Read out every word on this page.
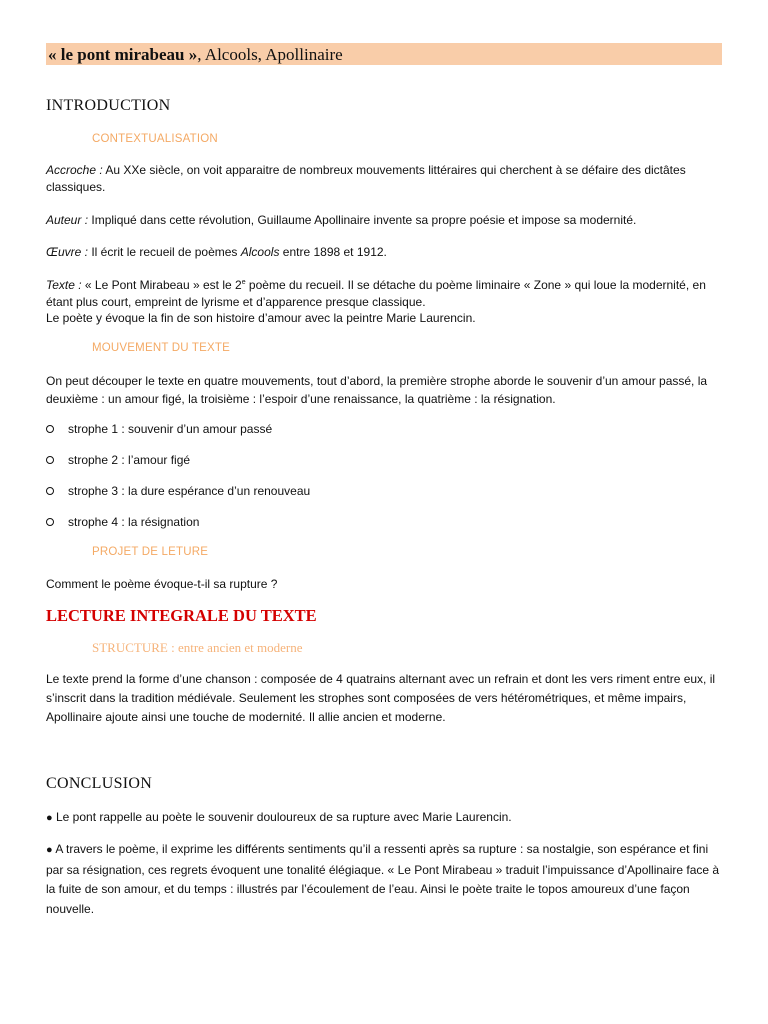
« le pont mirabeau », Alcools, Apollinaire
INTRODUCTION
CONTEXTUALISATION
Accroche : Au XXe siècle, on voit apparaitre de nombreux mouvements littéraires qui cherchent à se défaire des dictâtes classiques.
Auteur : Impliqué dans cette révolution, Guillaume Apollinaire invente sa propre poésie et impose sa modernité.
Œuvre : Il écrit le recueil de poèmes Alcools entre 1898 et 1912.
Texte : « Le Pont Mirabeau » est le 2e poème du recueil. Il se détache du poème liminaire « Zone » qui loue la modernité, en étant plus court, empreint de lyrisme et d’apparence presque classique.
Le poète y évoque la fin de son histoire d’amour avec la peintre Marie Laurencin.
MOUVEMENT DU TEXTE
On peut découper le texte en quatre mouvements, tout d’abord, la première strophe aborde le souvenir d’un amour passé, la deuxième : un amour figé, la troisième : l’espoir d’une renaissance, la quatrième : la résignation.
strophe 1 : souvenir d’un amour passé
strophe 2 : l’amour figé
strophe 3 : la dure espérance d’un renouveau
strophe 4 : la résignation
PROJET DE LETURE
Comment le poème évoque-t-il sa rupture ?
LECTURE INTEGRALE DU TEXTE
STRUCTURE : entre ancien et moderne
Le texte prend la forme d’une chanson : composée de 4 quatrains alternant avec un refrain et dont les vers riment entre eux, il s’inscrit dans la tradition médiévale. Seulement les strophes sont composées de vers hétérométriques, et même impairs, Apollinaire ajoute ainsi une touche de modernité. Il allie ancien et moderne.
CONCLUSION
● Le pont rappelle au poète le souvenir douloureux de sa rupture avec Marie Laurencin.
● A travers le poème, il exprime les différents sentiments qu’il a ressenti après sa rupture : sa nostalgie, son espérance et fini par sa résignation, ces regrets évoquent une tonalité élégiaque. « Le Pont Mirabeau » traduit l’impuissance d’Apollinaire face à la fuite de son amour, et du temps : illustrés par l’écoulement de l’eau. Ainsi le poète traite le topos amoureux d’une façon nouvelle.
